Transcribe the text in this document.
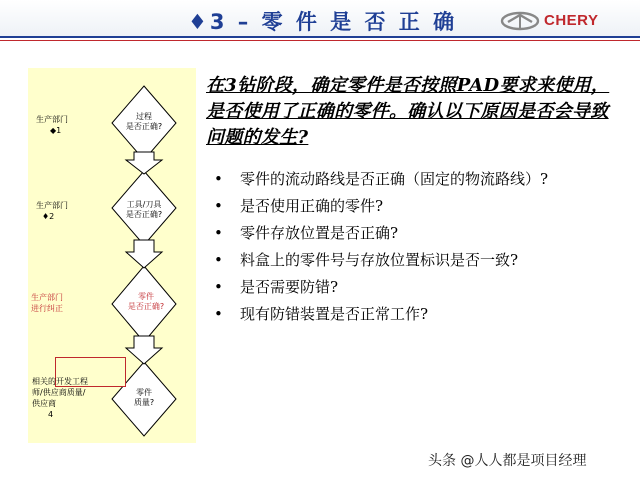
♦3 – 零 件 是 否 正 确	CHERY
生产部门
◆1
过程
是否正确?
生产部门
♦2
工具/刀具
是否正确?
生产部门
进行纠正
零件
是否正确?
相关的开发工程
师/供应商质量/
供应商
4
零件
质量?
在3钻阶段，确定零件是否按照PAD要求来使用，是否使用了正确的零件。确认以下原因是否会导致问题的发生?
• 零件的流动路线是否正确（固定的物流路线）?
• 是否使用正确的零件?
• 零件存放位置是否正确?
• 料盒上的零件号与存放位置标识是否一致?
• 是否需要防错?
• 现有防错装置是否正常工作?
头条 @人人都是项目经理
